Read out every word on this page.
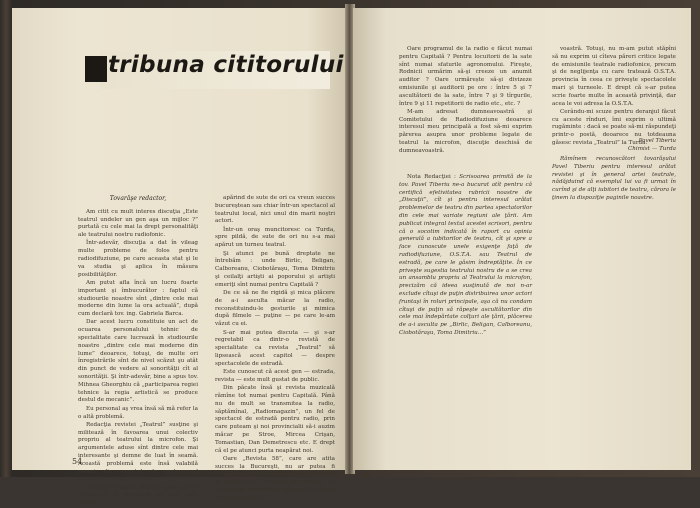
tribuna cititorului
Tovarăşe redactor,

Am citit cu mult interes discuţia „Este teatrul undeler un gen aşa un mijloc ?” purtată cu cele mai la drept personalităţi ale teatrului nostru radiofonic.

Într-adevăr, discuţia a dat în vileag multe probleme de folos pentru radiodifuziune, pe care aceasta stat şi le va studia şi aplica în măsura posibilităţilor.

Am putut afla încă un lucru foarte important şi îmbucurător : faptul că studiourile noastre sînt „dintre cele mai moderne din lume la ora actuală”, după cum declară tov. ing. Gabriela Barca.

Dar acest lucru constituie un act de ocuarea personalului tehnic de specialitate care lucrează în studiourile noastre „dintre cele mai moderne din lume” deoarece, totuşi, de multe ori înregistrările sînt de nivel scăzut şu atât din punct de vedere al sonorităţii cît al sonorităţii. Şi într-adevăr, bine a spus tov. Mihnea Gheorghiu că „participarea regiei tehnice la regia artistică se produce destul de mecanic”.

Eu personal aş vrea însă să mă refer la o altă problemă.

Redacţia revistei „Teatrul” susţine şi militează în favoarea unui colectiv propriu al teatrului la microfon. Şi argumentele aduse sînt dintre cele mai interesante şi demne de luat în seamă. Această problemă este însă valabilă numai din punctul de vedere al ascultătorilor bucureşteni.

Redacţia revistei „Teatrul” poate să ne spună că în provincie nu mai este nevoie...

apărind de sute de ori ca vreun succes bucureştean sau chiar într-un spectacol al teatrului local, nici unul din marii noştri actori.

Într-un oraş muncitoresc ca Turda, spre pildă, de sute de ori nu s-a mai apărut un turneu teatral.

Şi atunci pe bună dreptate ne întrebăm : unde Birlic, Beligan, Calboreanu, Ciobotăraşu, Toma Dimitriu şi ceilalţi artişti ai poporului şi artişti emeriţi sînt numai pentru Capitală ?

De ce să ne fie rigidă şi mica plăcere de a-i asculta măcar la radio, reconstituindu-le gesturile şi mimica după filmele — puţine — pe care le-am văzut cu ei.

S-ar mai putea discuta — şi s-ar regretabil ca dintr-o revistă de specialitate ca revista „Teatrul” să lipsească acest capitol — despre spectacolele de estradă.

Este cunoscut că acest gen — estrada, revista — este mult gustat de public.

Din păcate însă şi revista muzicală rămîne tot numai pentru Capitală. Până nu de mult se transmitea la radio, săptămînal, „Radiomagazin”, un fel de spectacol de estradă pentru radio, prin care puteam şi noi provincialii să-i auzim măcar pe Stroe, Mircea Crişan, Tomastian, Dan Demetrescu etc. E drept că el pe atunci purta neapărat noi.

Oare „Revista 58”, care are atita succes la Bucureşti, nu ar putea fi transmisă într-o seară şi pe unde ? Oare în spectacolul Teatrului de estradă, cu unele părţi comentate, aşa cum fac şi alte posturi de radio ?

54

Oare programul de la radio e făcut numai pentru Capitală ? Pentru locuitorii de la sate sînt numai sfaturile agronomului. Fireşte, Rodnicii urmărim să-şi creeze un anumit auditor ? Oare urmărește să-şi divizeze emisiunile şi auditorii pe ore : între 5 şi 7 ascultătorii de la sate, între 7 şi 9 tîrgurile, între 9 şi 11 repetitorii de radio etc., etc. ?

M-am adresat dumneavoastră şi Comitetului de Radiodifuziune deoarece interesul meu principală a fost să-mi exprim părerea asupra unor probleme legate de teatrul la microfon, discuţie deschisă de dumneavoastră.

voastră. Totuşi, nu m-am putut stăpîni să nu exprim ui cîteva păreri critice legate de emisiunile teatrale radiofonice, precum şi de neglijenţa cu care tratează O.S.T.A. provincia în ceea ce priveşte spectacolele mari şi turneele. E drept că s-ar putea scrie foarte multe în această privinţă, dar acea le voi adresa la O.S.T.A.

Cerându-mi scuze pentru deranjul făcut cu aceste rînduri, îmi exprim o ultimă rugăminte : dacă se poate să-mi răspundeţi printr-o postă, deoarece nu totdeauna găsesc revista „Teatrul” la Turda.

Pavel Tiberiu
Chimist — Turda

Nota Redacţiei : Scrisoarea primită de la tov. Pavel Tiberiu ne-a bucurat atît pentru că certifică efetivitatea rubricii noastre de „Discuţii”, cît şi pentru interesul arătat problemelor de teatru din partea spectatorilor din cele mai variate regiuni ale ţării. Am publicat integral textul acestei scrisori, pentru că o socotim indicată în raport cu opinia generală a iubitorilor de teatru, cît şi spre a face cunoscute unele exigenţe faţă de radiodifuziune, O.S.T.A. sau Teatrul de estradă, pe care le găsim îndreptăţite. În ce priveşte sugestia teatrului nostru de a se crea un ansamblu propriu al Teatrului la microfon, precizăm că ideea susţinută de noi n-ar exclude cîtuşi de puţin distribuirea unor actori fruntaşi în roluri principale, aşa că nu condam cîtuşi de puţin să răpeşte ascultătorilor din cele mai îndepărtate colţuri ale ţării, plăcerea de a-i asculta pe „Birlic, Beligan, Calboreanu, Ciobotăraşu, Toma Dimitriu...”

Rămînem recunoscători tovarăşului Pavel Tiberiu pentru interesul arătat revistei şi în general artei teatrale, nădăjduind că exemplul lui va fi urmat în curînd şi de alţi iubitori de teatru, cărora le ţinem la dispoziţie paginile noastre.
